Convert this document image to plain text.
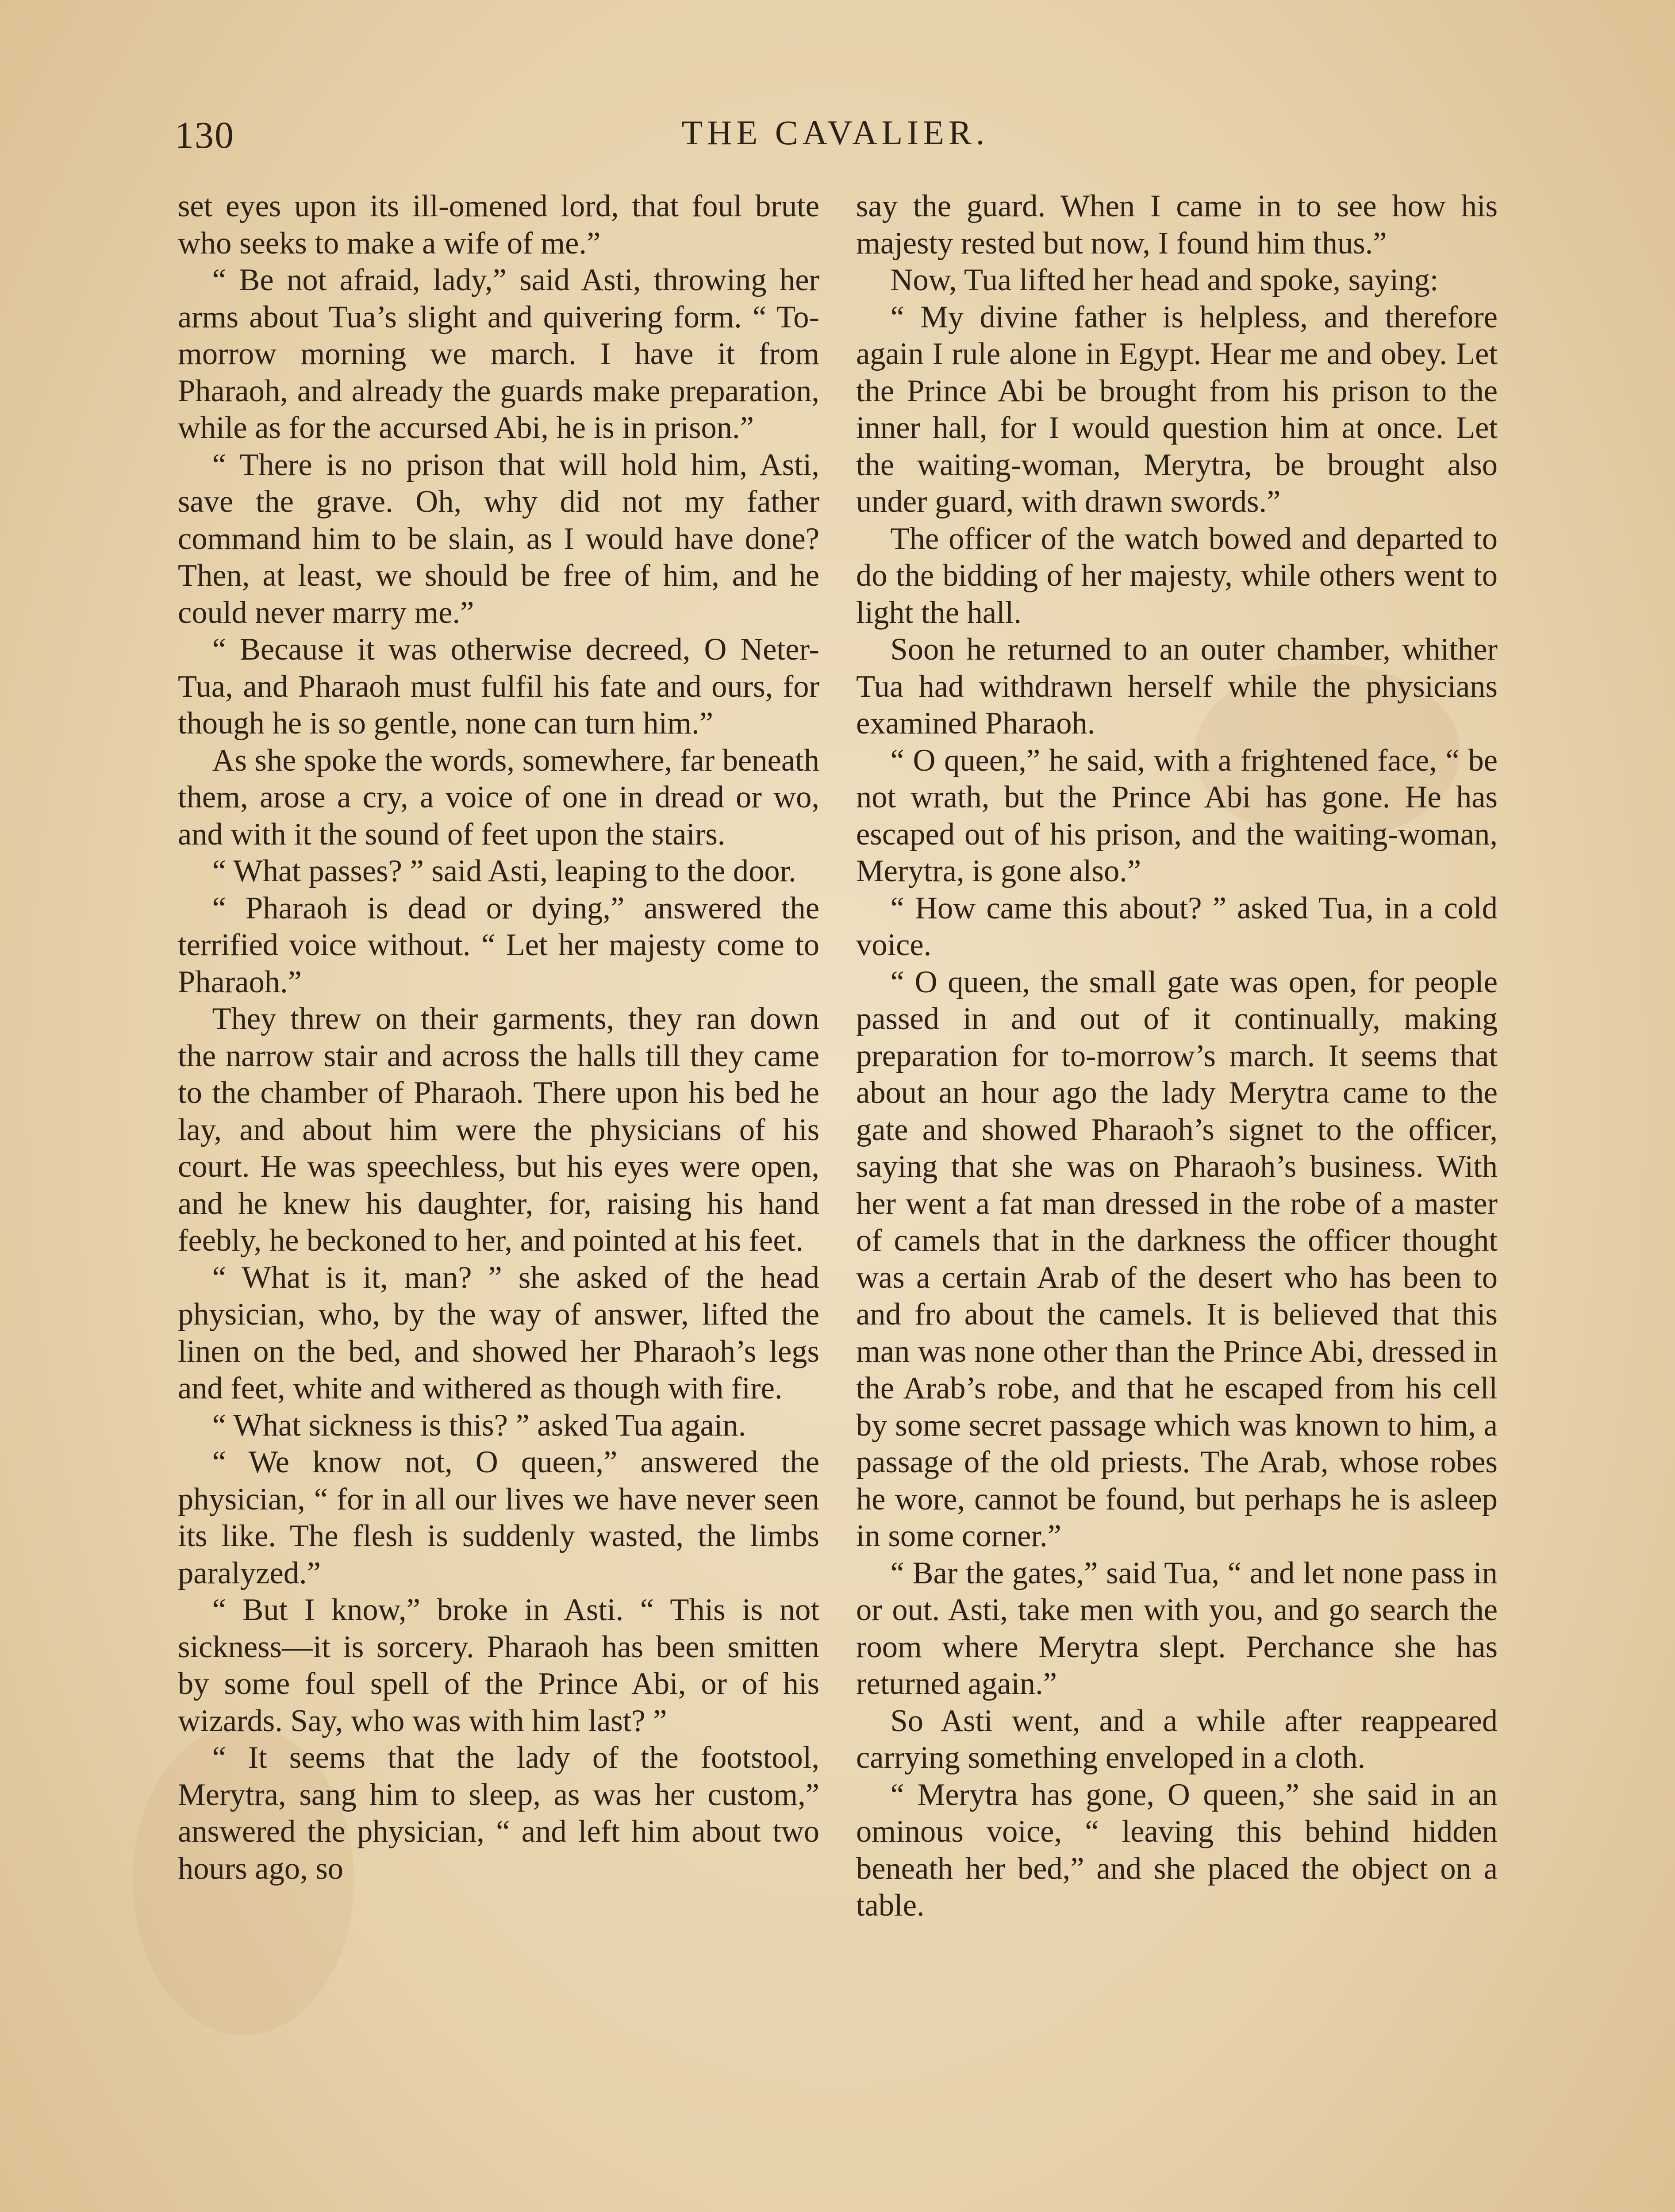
130	THE CAVALIER.

set eyes upon its ill-omened lord, that foul brute who seeks to make a wife of me.”

“ Be not afraid, lady,” said Asti, throwing her arms about Tua’s slight and quivering form. “ To-morrow morning we march. I have it from Pharaoh, and already the guards make preparation, while as for the accursed Abi, he is in prison.”

“ There is no prison that will hold him, Asti, save the grave. Oh, why did not my father command him to be slain, as I would have done? Then, at least, we should be free of him, and he could never marry me.”

“ Because it was otherwise decreed, O Neter-Tua, and Pharaoh must fulfil his fate and ours, for though he is so gentle, none can turn him.”

As she spoke the words, somewhere, far beneath them, arose a cry, a voice of one in dread or wo, and with it the sound of feet upon the stairs.

“ What passes? ” said Asti, leaping to the door.

“ Pharaoh is dead or dying,” answered the terrified voice without. “ Let her majesty come to Pharaoh.”

They threw on their garments, they ran down the narrow stair and across the halls till they came to the chamber of Pharaoh. There upon his bed he lay, and about him were the physicians of his court. He was speechless, but his eyes were open, and he knew his daughter, for, raising his hand feebly, he beckoned to her, and pointed at his feet.

“ What is it, man? ” she asked of the head physician, who, by the way of answer, lifted the linen on the bed, and showed her Pharaoh’s legs and feet, white and withered as though with fire.

“ What sickness is this? ” asked Tua again.

“ We know not, O queen,” answered the physician, “ for in all our lives we have never seen its like. The flesh is suddenly wasted, the limbs paralyzed.”

“ But I know,” broke in Asti. “ This is not sickness—it is sorcery. Pharaoh has been smitten by some foul spell of the Prince Abi, or of his wizards. Say, who was with him last? ”

“ It seems that the lady of the footstool, Merytra, sang him to sleep, as was her custom,” answered the physician, “ and left him about two hours ago, so

say the guard. When I came in to see how his majesty rested but now, I found him thus.”

Now, Tua lifted her head and spoke, saying:

“ My divine father is helpless, and therefore again I rule alone in Egypt. Hear me and obey. Let the Prince Abi be brought from his prison to the inner hall, for I would question him at once. Let the waiting-woman, Merytra, be brought also under guard, with drawn swords.”

The officer of the watch bowed and departed to do the bidding of her majesty, while others went to light the hall.

Soon he returned to an outer chamber, whither Tua had withdrawn herself while the physicians examined Pharaoh.

“ O queen,” he said, with a frightened face, “ be not wrath, but the Prince Abi has gone. He has escaped out of his prison, and the waiting-woman, Merytra, is gone also.”

“ How came this about? ” asked Tua, in a cold voice.

“ O queen, the small gate was open, for people passed in and out of it continually, making preparation for to-morrow’s march. It seems that about an hour ago the lady Merytra came to the gate and showed Pharaoh’s signet to the officer, saying that she was on Pharaoh’s business. With her went a fat man dressed in the robe of a master of camels that in the darkness the officer thought was a certain Arab of the desert who has been to and fro about the camels. It is believed that this man was none other than the Prince Abi, dressed in the Arab’s robe, and that he escaped from his cell by some secret passage which was known to him, a passage of the old priests. The Arab, whose robes he wore, cannot be found, but perhaps he is asleep in some corner.”

“ Bar the gates,” said Tua, “ and let none pass in or out. Asti, take men with you, and go search the room where Merytra slept. Perchance she has returned again.”

So Asti went, and a while after reappeared carrying something enveloped in a cloth.

“ Merytra has gone, O queen,” she said in an ominous voice, “ leaving this behind hidden beneath her bed,” and she placed the object on a table.
